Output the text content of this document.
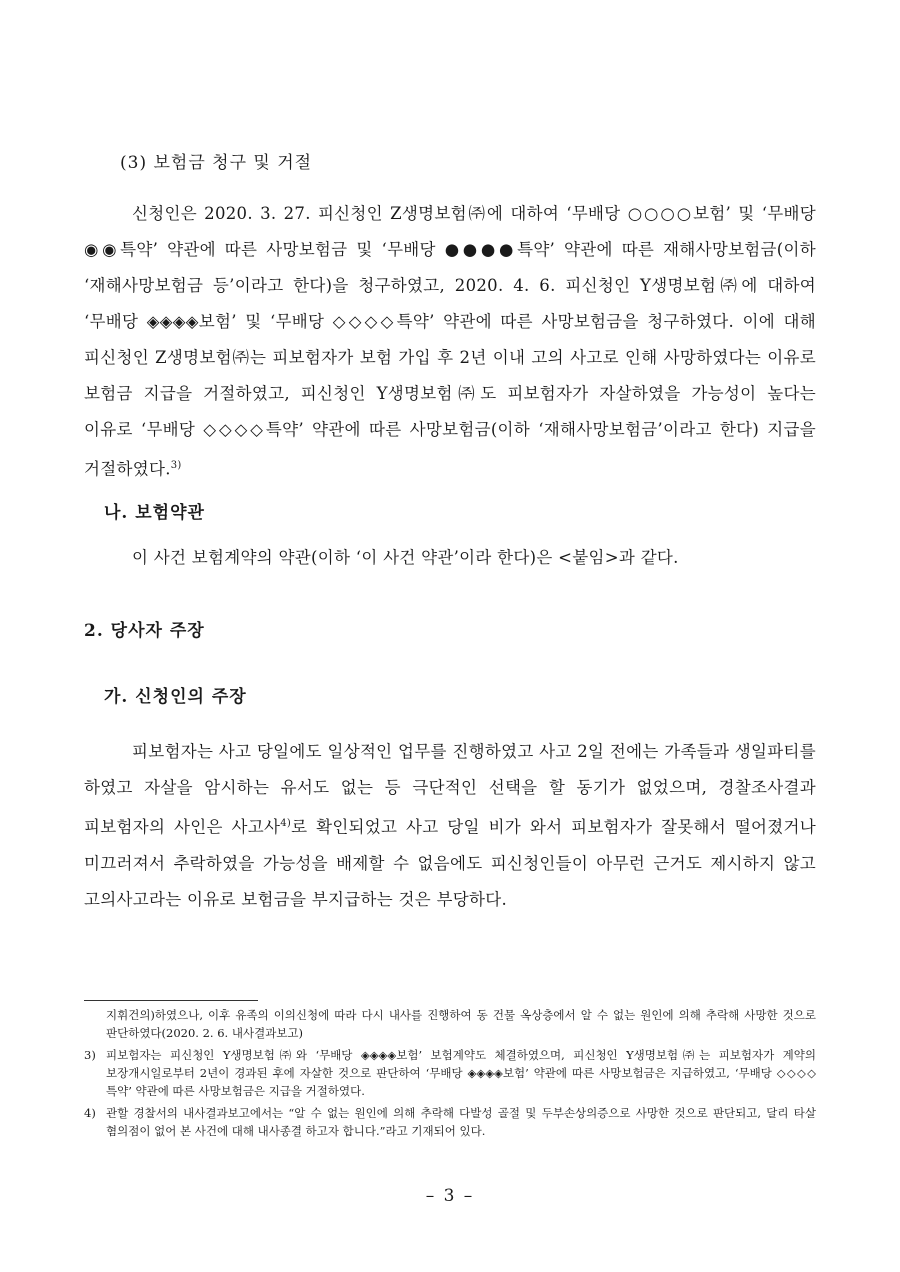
(3) 보험금 청구 및 거절
신청인은 2020. 3. 27. 피신청인 Z생명보험㈜에 대하여 ‘무배당 ○○○○보험’ 및 ‘무배당 ◉◉특약’ 약관에 따른 사망보험금 및 ‘무배당 ●●●●특약’ 약관에 따른 재해사망보험금(이하 ‘재해사망보험금 등’이라고 한다)을 청구하였고, 2020. 4. 6. 피신청인 Y생명보험㈜에 대하여 ‘무배당 ◈◈◈◈보험’ 및 ‘무배당 ◇◇◇◇특약’ 약관에 따른 사망보험금을 청구하였다. 이에 대해 피신청인 Z생명보험㈜는 피보험자가 보험 가입 후 2년 이내 고의 사고로 인해 사망하였다는 이유로 보험금 지급을 거절하였고, 피신청인 Y생명보험㈜도 피보험자가 자살하였을 가능성이 높다는 이유로 ‘무배당 ◇◇◇◇특약’ 약관에 따른 사망보험금(이하 ‘재해사망보험금’이라고 한다) 지급을 거절하였다.$^{3)}$
나. 보험약관
이 사건 보험계약의 약관(이하 ‘이 사건 약관’이라 한다)은 <붙임>과 같다.
2. 당사자 주장
가. 신청인의 주장
피보험자는 사고 당일에도 일상적인 업무를 진행하였고 사고 2일 전에는 가족들과 생일파티를 하였고 자살을 암시하는 유서도 없는 등 극단적인 선택을 할 동기가 없었으며, 경찰조사결과 피보험자의 사인은 사고사$^{4)}$로 확인되었고 사고 당일 비가 와서 피보험자가 잘못해서 떨어졌거나 미끄러져서 추락하였을 가능성을 배제할 수 없음에도 피신청인들이 아무런 근거도 제시하지 않고 고의사고라는 이유로 보험금을 부지급하는 것은 부당하다.
지휘건의)하였으나, 이후 유족의 이의신청에 따라 다시 내사를 진행하여 동 건물 옥상층에서 알 수 없는 원인에 의해 추락해 사망한 것으로 판단하였다(2020. 2. 6. 내사결과보고)
3) 피보험자는 피신청인 Y생명보험㈜와 ‘무배당 ◈◈◈◈보험’ 보험계약도 체결하였으며, 피신청인 Y생명보험㈜는 피보험자가 계약의 보장개시일로부터 2년이 경과된 후에 자살한 것으로 판단하여 ‘무배당 ◈◈◈◈보험’ 약관에 따른 사망보험금은 지급하였고, ‘무배당 ◇◇◇◇특약’ 약관에 따른 사망보험금은 지급을 거절하였다.
4) 관할 경찰서의 내사결과보고에서는 “알 수 없는 원인에 의해 추락해 다발성 골절 및 두부손상의증으로 사망한 것으로 판단되고, 달리 타살 혐의점이 없어 본 사건에 대해 내사종결 하고자 합니다.”라고 기재되어 있다.
– 3 –
